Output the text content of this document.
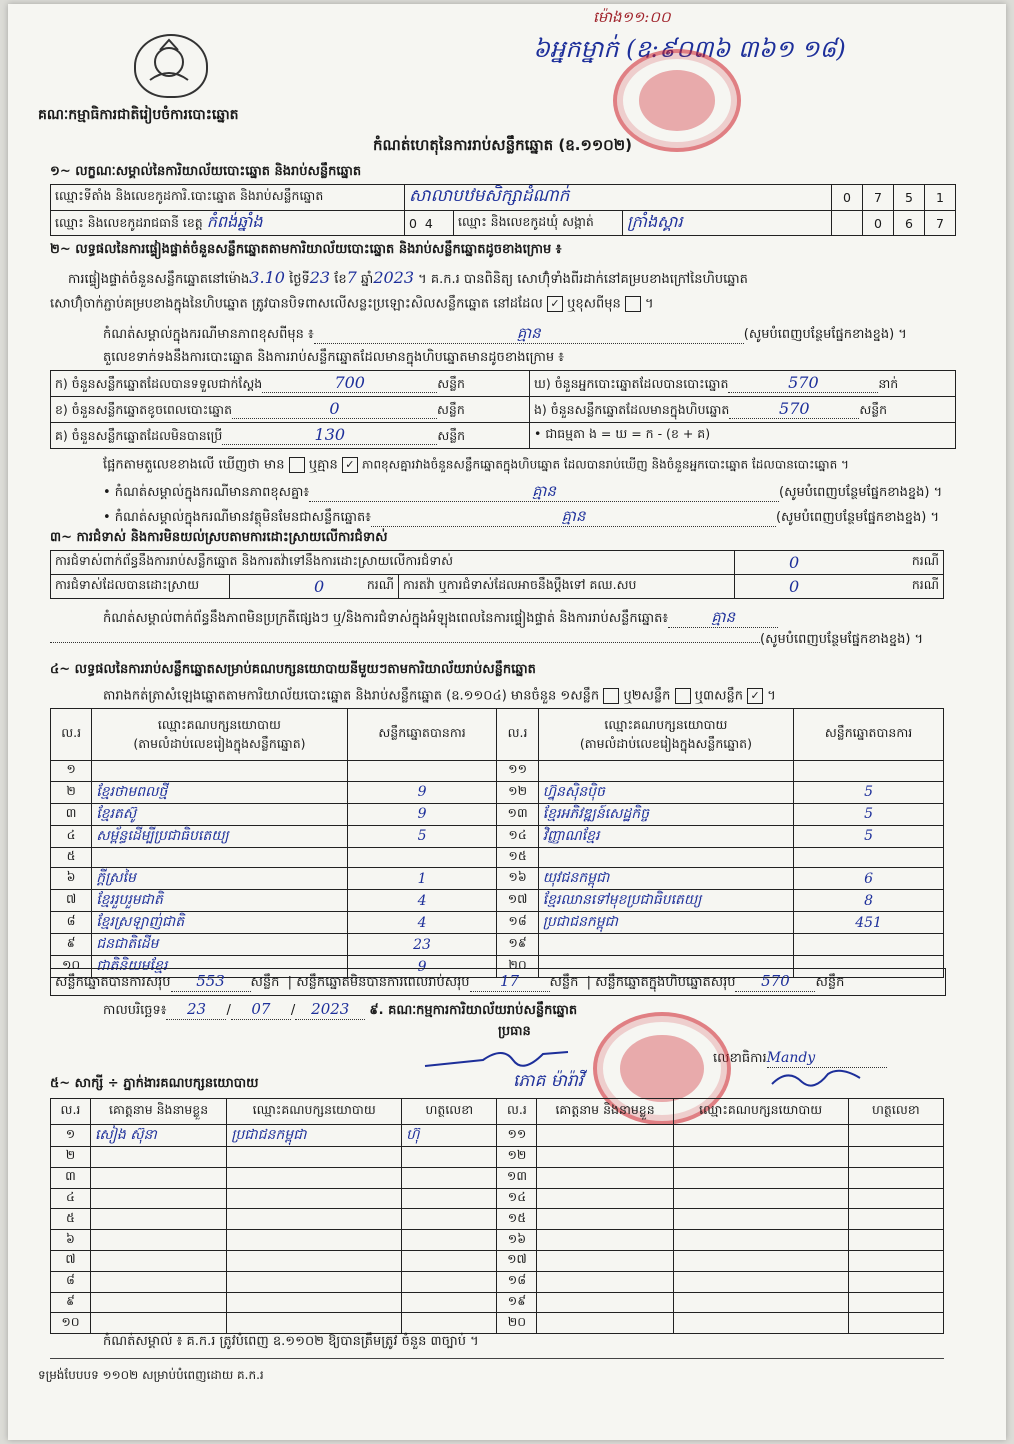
គណៈកម្មាធិការជាតិរៀបចំការបោះឆ្នោត
កំណត់ហេតុនៃការរាប់សន្លឹកឆ្នោត (ឧ.១១០២)
៦អ្នកម្នាក់ (ឧ:៩០៣៦ ៣៦១ ១៨)
ម៉ោង១១:០០
១~ លក្ខណៈសម្គាល់នៃការិយាល័យបោះឆ្នោត និងរាប់សន្លឹកឆ្នោត
ឈ្មោះទីតាំង និងលេខកូដការិ.បោះឆ្នោត និងរាប់សន្លឹកឆ្នោត	សាលាបឋមសិក្សាដំណាក់			0	7	5	1
ឈ្មោះ និងលេខកូដរាជធានី ខេត្ត កំពង់ឆ្នាំង	0 4	ឈ្មោះ និងលេខកូដឃុំ សង្កាត់	ក្រាំងស្គារ		0	6	7
២~ លទ្ធផលនៃការផ្ទៀងផ្ទាត់ចំនួនសន្លឹកឆ្នោតតាមការិយាល័យបោះឆ្នោត និងរាប់សន្លឹកឆ្នោតដូចខាងក្រោម ៖
ការផ្ទៀងផ្ទាត់ចំនួនសន្លឹកឆ្នោតនៅម៉ោង3.10 ថ្ងៃទី23 ខែ7 ឆ្នាំ2023 ។ គ.ក.រ បានពិនិត្យ សោហ៊ុំទាំងពីរដាក់នៅគម្របខាងក្រៅនៃហិបឆ្នោត
សោហ៊ុំចាក់ភ្ជាប់គម្របខាងក្នុងនៃហិបឆ្នោត ត្រូវបានបិទពាសលើសន្លះប្រឡោះសិលសន្លឹកឆ្នោត នៅដដែល ✓ ឬខុសពីមុន  ។
កំណត់សម្គាល់ក្នុងករណីមានភាពខុសពីមុន ៖	គ្មាន	(សូមបំពេញបន្ថែមផ្នែកខាងខ្នង) ។
តួលេខទាក់ទងនឹងការបោះឆ្នោត និងការរាប់សន្លឹកឆ្នោតដែលមានក្នុងហិបឆ្នោតមានដូចខាងក្រោម ៖
ក) ចំនួនសន្លឹកឆ្នោតដែលបានទទួលជាក់ស្តែង 700 សន្លឹក	ឃ) ចំនួនអ្នកបោះឆ្នោតដែលបានបោះឆ្នោត 570 នាក់
ខ) ចំនួនសន្លឹកឆ្នោតខូចពេលបោះឆ្នោត 0 សន្លឹក	ង) ចំនួនសន្លឹកឆ្នោតដែលមានក្នុងហិបឆ្នោត 570 សន្លឹក
គ) ចំនួនសន្លឹកឆ្នោតដែលមិនបានប្រើ 130 សន្លឹក	• ជាធម្មតា ង = ឃ = ក - (ខ + គ)
ផ្អែកតាមតួលេខខាងលើ ឃើញថា មាន ឬគ្មាន ✓ ភាពខុសគ្នារវាងចំនួនសន្លឹកឆ្នោតក្នុងហិបឆ្នោត ដែលបានរាប់ឃើញ និងចំនួនអ្នកបោះឆ្នោត ដែលបានបោះឆ្នោត ។
• កំណត់សម្គាល់ក្នុងករណីមានភាពខុសគ្នា៖	គ្មាន	(សូមបំពេញបន្ថែមផ្នែកខាងខ្នង) ។
• កំណត់សម្គាល់ក្នុងករណីមានវត្ថុមិនមែនជាសន្លឹកឆ្នោត៖	គ្មាន	(សូមបំពេញបន្ថែមផ្នែកខាងខ្នង) ។
៣~ ការជំទាស់ និងការមិនយល់ស្របតាមការដោះស្រាយលើការជំទាស់
ការជំទាស់ពាក់ព័ន្ធនឹងការរាប់សន្លឹកឆ្នោត និងការតវ៉ាទៅនឹងការដោះស្រាយលើការជំទាស់			0 ករណី

ការជំទាស់ដែលបានដោះស្រាយ	0 ករណី	ការតវ៉ា ឬការជំទាស់ដែលអាចនឹងប្តឹងទៅ គឈ.សប	0 ករណី
កំណត់សម្គាល់ពាក់ព័ន្ធនឹងភាពមិនប្រក្រតីផ្សេងៗ ឬ/និងការជំទាស់ក្នុងអំឡុងពេលនៃការផ្ទៀងផ្ទាត់ និងការរាប់សន្លឹកឆ្នោត៖	គ្មាន
(សូមបំពេញបន្ថែមផ្នែកខាងខ្នង) ។
៤~ លទ្ធផលនៃការរាប់សន្លឹកឆ្នោតសម្រាប់គណបក្សនយោបាយនីមួយៗតាមការិយាល័យរាប់សន្លឹកឆ្នោត
តារាងកត់ត្រាសំឡេងឆ្នោតតាមការិយាល័យបោះឆ្នោត និងរាប់សន្លឹកឆ្នោត (ឧ.១១០៤) មានចំនួន ១សន្លឹក ឬ២សន្លឹក ឬ៣សន្លឹក ✓ ។
ល.រ	ឈ្មោះគណបក្សនយោបាយ
(តាមលំដាប់លេខរៀងក្នុងសន្លឹកឆ្នោត)	សន្លឹកឆ្នោតបានការ	ល.រ	ឈ្មោះគណបក្សនយោបាយ
(តាមលំដាប់លេខរៀងក្នុងសន្លឹកឆ្នោត)	សន្លឹកឆ្នោតបានការ
១			១១		
២	ខ្មែរថាមពលថ្មី	9	១២	ហ្វ៊ុនស៊ិនប៉ិច	5
៣	ខ្មែរតស៊ូ	9	១៣	ខ្មែរអភិវឌ្ឍន៍សេដ្ឋកិច្ច	5
៤	សម្ព័ន្ធដើម្បីប្រជាធិបតេយ្យ	5	១៤	វិញ្ញាណខ្មែរ	5
៥			១៥		
៦	ក្ដីស្រមៃ	1	១៦	យុវជនកម្ពុជា	6
៧	ខ្មែររួបរួមជាតិ	4	១៧	ខ្មែរឈានទៅមុខប្រជាធិបតេយ្យ	8
៨	ខ្មែរស្រឡាញ់ជាតិ	4	១៨	ប្រជាជនកម្ពុជា	451
៩	ជនជាតិដើម	23	១៩		
១០	ជាតិនិយមខ្មែរ	9	២០		
សន្លឹកឆ្នោតបានការសរុប 553 សន្លឹក  | សន្លឹកឆ្នោតមិនបានការពេលរាប់សរុប 17 សន្លឹក  | សន្លឹកឆ្នោតក្នុងហិបឆ្នោតសរុប 570 សន្លឹក
កាលបរិច្ឆេទ៖ 23 / 07 / 2023 ៩. គណៈកម្មការការិយាល័យរាប់សន្លឹកឆ្នោត
ប្រធាន
លេខាធិការMandy
ភោគ ម៉ារ៉ាវី
៥~ សាក្សី ÷ ភ្នាក់ងារគណបក្សនយោបាយ
ល.រ	គោត្តនាម និងនាមខ្លួន	ឈ្មោះគណបក្សនយោបាយ	ហត្ថលេខា	ល.រ	គោត្តនាម និងនាមខ្លួន	ឈ្មោះគណបក្សនយោបាយ	ហត្ថលេខា
១	សៀង ស៊ុនា	ប្រជាជនកម្ពុជា	ហ៊ុ	១១			
២				១២			
៣				១៣			
៤				១៤			
៥				១៥			
៦				១៦			
៧				១៧			
៨				១៨			
៩				១៩			
១០				២០			
កំណត់សម្គាល់ ៖ គ.ក.រ ត្រូវបំពេញ ឧ.១១០២ ឱ្យបានត្រឹមត្រូវ ចំនួន ៣ច្បាប់ ។
ទម្រង់បែបបទ ១១០២ សម្រាប់បំពេញដោយ គ.ក.រ
